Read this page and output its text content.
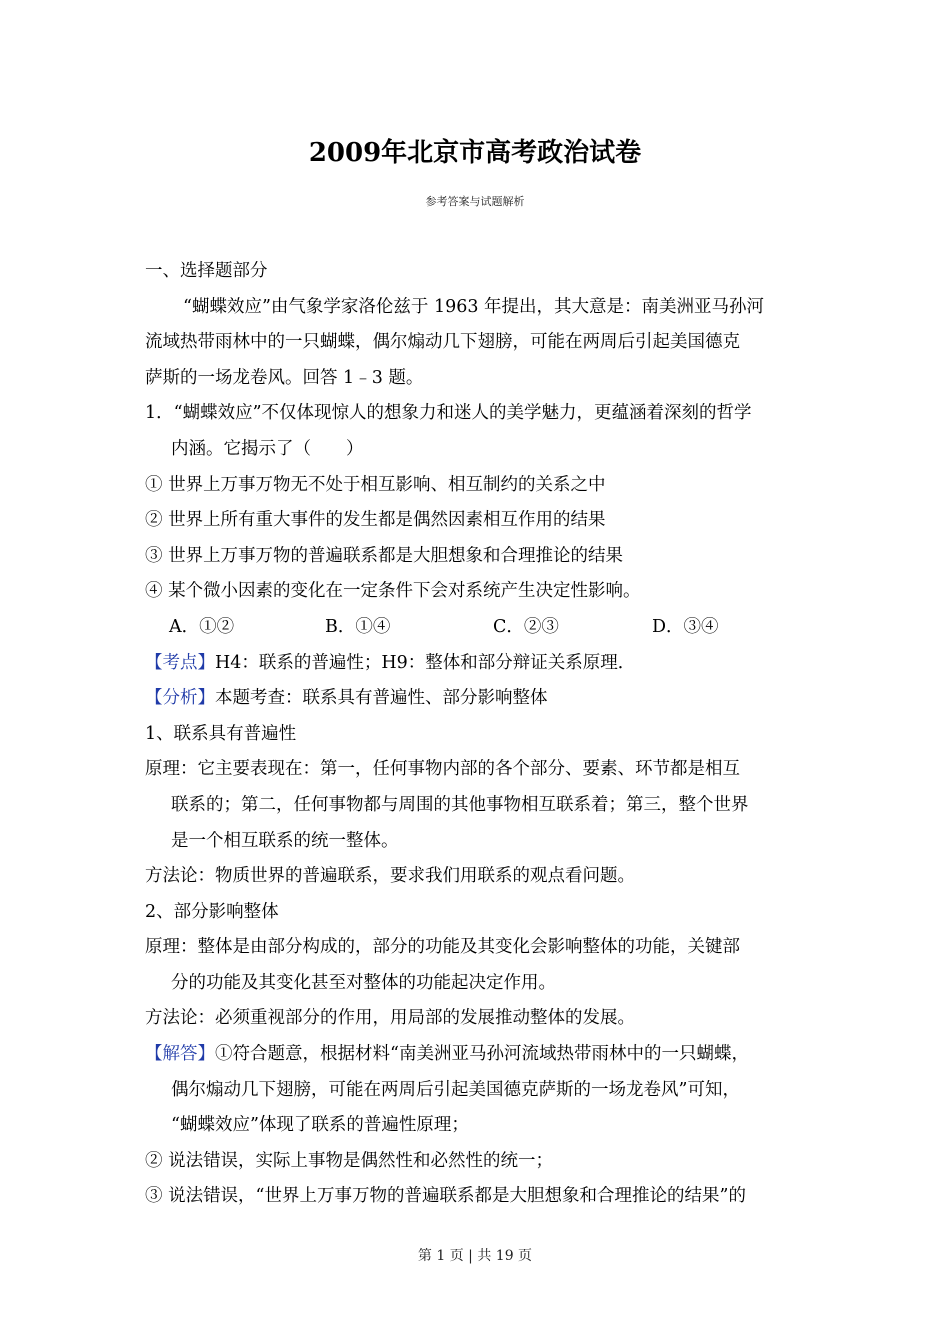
2009年北京市高考政治试卷
参考答案与试题解析
一、选择题部分
“蝴蝶效应”由气象学家洛伦兹于 1963 年提出，其大意是：南美洲亚马孙河
流域热带雨林中的一只蝴蝶，偶尔煽动几下翅膀，可能在两周后引起美国德克
萨斯的一场龙卷风。回答 1﹣3 题。
1．“蝴蝶效应”不仅体现惊人的想象力和迷人的美学魅力，更蕴涵着深刻的哲学
内涵。它揭示了（　　）
① 世界上万事万物无不处于相互影响、相互制约的关系之中
② 世界上所有重大事件的发生都是偶然因素相互作用的结果
③ 世界上万事万物的普遍联系都是大胆想象和合理推论的结果
④ 某个微小因素的变化在一定条件下会对系统产生决定性影响。
A．①②	B．①④	C．②③	D．③④
【考点】H4：联系的普遍性；H9：整体和部分辩证关系原理．
【分析】本题考查：联系具有普遍性、部分影响整体
1、联系具有普遍性
原理：它主要表现在：第一，任何事物内部的各个部分、要素、环节都是相互
联系的；第二，任何事物都与周围的其他事物相互联系着；第三，整个世界
是一个相互联系的统一整体。
方法论：物质世界的普遍联系，要求我们用联系的观点看问题。
2、部分影响整体
原理：整体是由部分构成的，部分的功能及其变化会影响整体的功能，关键部
分的功能及其变化甚至对整体的功能起决定作用。
方法论：必须重视部分的作用，用局部的发展推动整体的发展。
【解答】①符合题意，根据材料“南美洲亚马孙河流域热带雨林中的一只蝴蝶，
偶尔煽动几下翅膀，可能在两周后引起美国德克萨斯的一场龙卷风”可知，
“蝴蝶效应”体现了联系的普遍性原理；
② 说法错误，实际上事物是偶然性和必然性的统一；
③ 说法错误，“世界上万事万物的普遍联系都是大胆想象和合理推论的结果”的
第 1 页 | 共 19 页
